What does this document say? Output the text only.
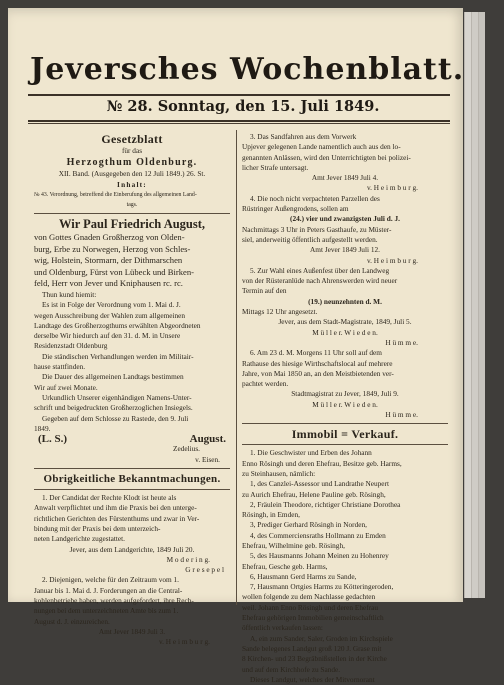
Jeversches Wochenblatt.
№ 28. Sonntag, den 15. Juli 1849.

Gesetzblatt

für das

Herzogthum Oldenburg.

XII. Band. (Ausgegeben den 12 Juli 1849.) 26. St.

Inhalt:

№ 43. Verordnung, betreffend die Einberufung des allgemeinen Land-

tags.

Wir Paul Friedrich August,

von Gottes Gnaden Großherzog von Olden-

burg, Erbe zu Norwegen, Herzog von Schles-

wig, Holstein, Stormarn, der Dithmarschen

und Oldenburg, Fürst von Lübeck und Birken-

feld, Herr von Jever und Kniphausen rc. rc.

Thun kund hiemit:

Es ist in Folge der Verordnung vom 1. Mai d. J.

wegen Ausschreibung der Wahlen zum allgemeinen

Landtage des Großherzogthums erwählten Abgeordneten

derselbe Wir hiedurch auf den 31. d. M. in Unsere

Residenzstadt Oldenburg

Die ständischen Verhandlungen werden im Militair-

hause stattfinden.

Die Dauer des allgemeinen Landtags bestimmen

Wir auf zwei Monate.

Urkundlich Unserer eigenhändigen Namens-Unter-

schrift und beigedruckten Großherzoglichen Insiegels.

Gegeben auf dem Schlosse zu Rastede, den 9. Juli

1849.

(L. S.)	August.

Zedelius.

v. Eisen.

Obrigkeitliche Bekanntmachungen.

1. Der Candidat der Rechte Klodt ist heute als

Anwalt verpflichtet und ihm die Praxis bei den unterge-

richtlichen Gerichten des Fürstenthums und zwar in Ver-

bindung mit der Praxis bei dem unterzeich-

neten Landgerichte zugestattet.

Jever, aus dem Landgerichte, 1849 Juli 20.

M o d e r i n g.

G r e s e p e l

2. Diejenigen, welche für den Zeitraum vom 1.

Januar bis 1. Mai d. J. Forderungen an die Central-

kohlenbetriebe haben, werden aufgefordert, ihre Rech-

nungen bei dem unterzeichneten Amte bis zum 1.

August d. J. einzureichen.

Amt Jever 1849 Juli 3.

v. H e i m b u r g.

3. Das Sandfahren aus dem Vorwerk

Upjever gelegenen Lande namentlich auch aus den lo-

genannten Anlässen, wird den Unterrichtigten bei polizei-

licher Strafe untersagt.

Amt Jever 1849 Juli 4.

v. H e i m b u r g.

4. Die noch nicht verpachteten Parzellen des

Rüstringer Außengrodens, sollen am

(24.) vier und zwanzigsten Juli d. J.

Nachmittags 3 Uhr in Peters Gasthaufe, zu Müster-

siel, anderweitig öffentlich aufgestellt werden.

Amt Jever 1849 Juli 12.

v. H e i m b u r g.

5. Zur Wahl eines Außenfest über den Landweg

von der Rüsteranlüde nach Ahrenswerden wird neuer

Termin auf den

(19.) neunzehnten d. M.

Mittags 12 Uhr angesetzt.

Jever, aus dem Stadt-Magistrate, 1849, Juli 5.

M ü l l e r. W i e d e n.

H ü m m e.

6. Am 23 d. M. Morgens 11 Uhr soll auf dem

Rathause des hiesige Wirthschaftslocal auf mehrere

Jahre, von Mai 1850 an, an den Meistbietenden ver-

pachtet werden.

Stadtmagistrat zu Jever, 1849, Juli 9.

M ü l l e r. W i e d e n.

H ü m m e.

Immobil = Verkauf.

1. Die Geschwister und Erben des Johann

Enno Rösingh und deren Ehefrau, Besitze geb. Harms,

zu Steinhausen, nämlich:

1, des Canzlei-Assessor und Landrathe Neupert

zu Aurich Ehefrau, Helene Pauline geb. Rösingh,

2, Fräulein Theodore, richtiger Christiane Dorothea

Rösingh, in Emden,

3, Prediger Gerhard Rösingh in Norden,

4, des Commerciensraths Hollmann zu Emden

Ehefrau, Wilhelmine geb. Rösingh,

5, des Hausmanns Johann Meinen zu Hohenrey

Ehefrau, Gesche geb. Harms,

6, Hausmann Gerd Harms zu Sande,

7, Hausmann Ortgies Harms zu Kötteringeroden,

wollen folgende zu dem Nachlasse gedachten

weil. Johann Enno Rösingh und deren Ehefrau

Ehefrau gehörigen Immobilien gemeinschaftlich

öffentlich verkaufen lassen:

A, ein zum Sander, Saler, Groden im Kirchspiele

Sande belegenes Landgut groß 120 J. Grase mit

8 Kirchen- und 23 Begräbnißstellen in der Kirche

und auf dem Kirchhofe zu Sande.

Dieses Landgut, welches der Mitvornorant
